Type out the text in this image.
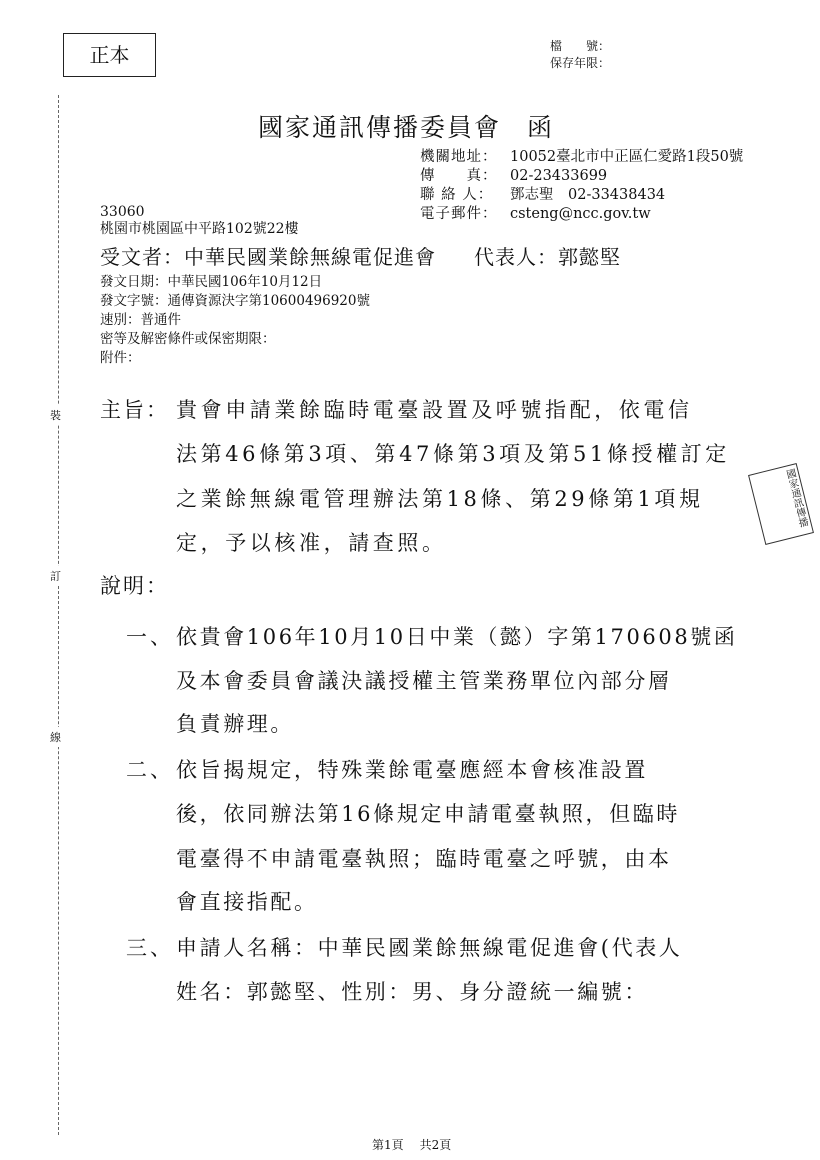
正本	檔　　號：
保存年限：
裝
訂
線
國家通訊傳播委員會 函
機關地址： 10052臺北市中正區仁愛路1段50號
傳　　真： 02-23433699
聯 絡 人：	鄧志聖　02-33438434
電子郵件： csteng@ncc.gov.tw
33060
桃園市桃園區中平路102號22樓
受文者：中華民國業餘無線電促進會 代表人：郭懿堅
發文日期：中華民國106年10月12日
發文字號：通傳資源決字第10600496920號
速別：普通件
密等及解密條件或保密期限：
附件：
國家通訊傳播
主旨： 貴會申請業餘臨時電臺設置及呼號指配，依電信
法第46條第3項、第47條第3項及第51條授權訂定
之業餘無線電管理辦法第18條、第29條第1項規
定，予以核准，請查照。
說明：
一、 依貴會106年10月10日中業（懿）字第170608號函
及本會委員會議決議授權主管業務單位內部分層
負責辦理。
二、 依旨揭規定，特殊業餘電臺應經本會核准設置
後，依同辦法第16條規定申請電臺執照，但臨時
電臺得不申請電臺執照；臨時電臺之呼號，由本
會直接指配。
三、 申請人名稱：中華民國業餘無線電促進會(代表人
姓名：郭懿堅、性別：男、身分證統一編號：
第1頁 共2頁
